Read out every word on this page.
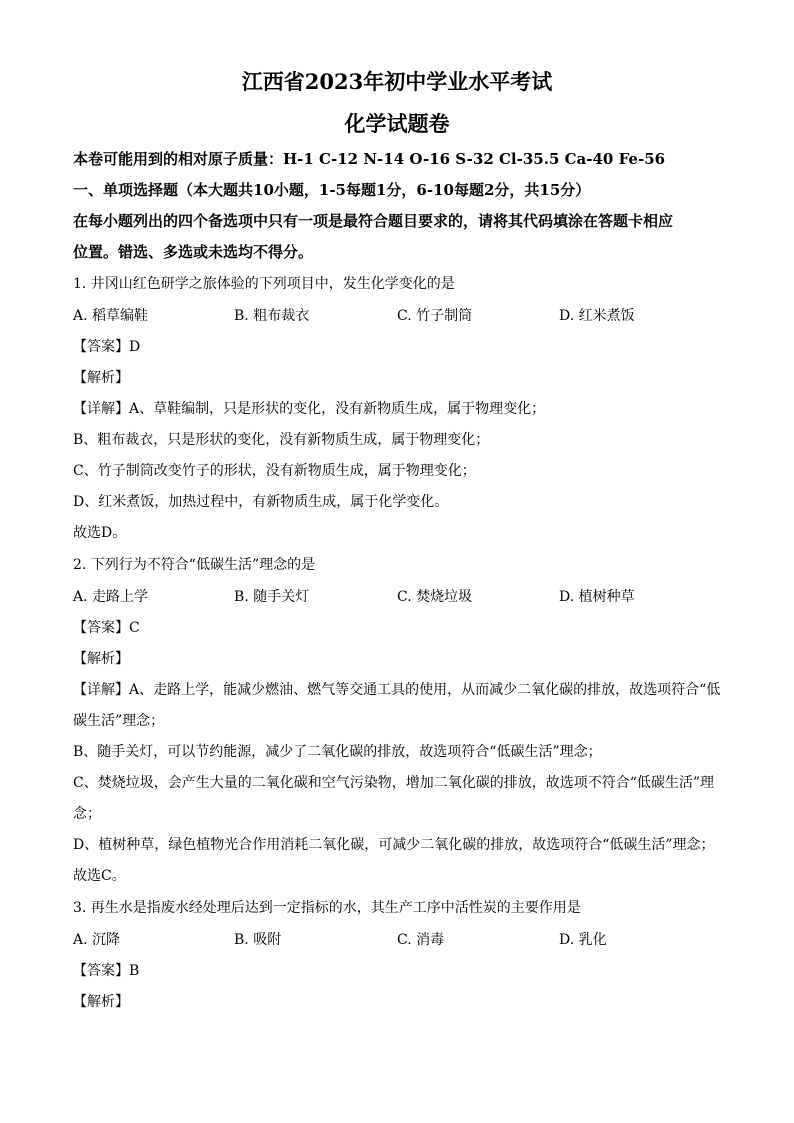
江西省2023年初中学业水平考试
化学试题卷
本卷可能用到的相对原子质量：H-1 C-12 N-14 O-16 S-32 Cl-35.5 Ca-40 Fe-56
一、单项选择题（本大题共10小题，1-5每题1分，6-10每题2分，共15分）
在每小题列出的四个备选项中只有一项是最符合题目要求的，请将其代码填涂在答题卡相应
位置。错选、多选或未选均不得分。
1. 井冈山红色研学之旅体验的下列项目中，发生化学变化的是
A. 稻草编鞋	B. 粗布裁衣	C. 竹子制筒	D. 红米煮饭
【答案】D
【解析】
【详解】A、草鞋编制，只是形状的变化，没有新物质生成，属于物理变化；
B、粗布裁衣，只是形状的变化，没有新物质生成，属于物理变化；
C、竹子制筒改变竹子的形状，没有新物质生成，属于物理变化；
D、红米煮饭，加热过程中，有新物质生成，属于化学变化。
故选D。
2. 下列行为不符合“低碳生活”理念的是
A. 走路上学	B. 随手关灯	C. 焚烧垃圾	D. 植树种草
【答案】C
【解析】
【详解】A、走路上学，能减少燃油、燃气等交通工具的使用，从而减少二氧化碳的排放，故选项符合“低
碳生活”理念；
B、随手关灯，可以节约能源，减少了二氧化碳的排放，故选项符合“低碳生活”理念；
C、焚烧垃圾，会产生大量的二氧化碳和空气污染物，增加二氧化碳的排放，故选项不符合“低碳生活”理
念；
D、植树种草，绿色植物光合作用消耗二氧化碳，可减少二氧化碳的排放，故选项符合“低碳生活”理念；
故选C。
3. 再生水是指废水经处理后达到一定指标的水，其生产工序中活性炭的主要作用是
A. 沉降	B. 吸附	C. 消毒	D. 乳化
【答案】B
【解析】
